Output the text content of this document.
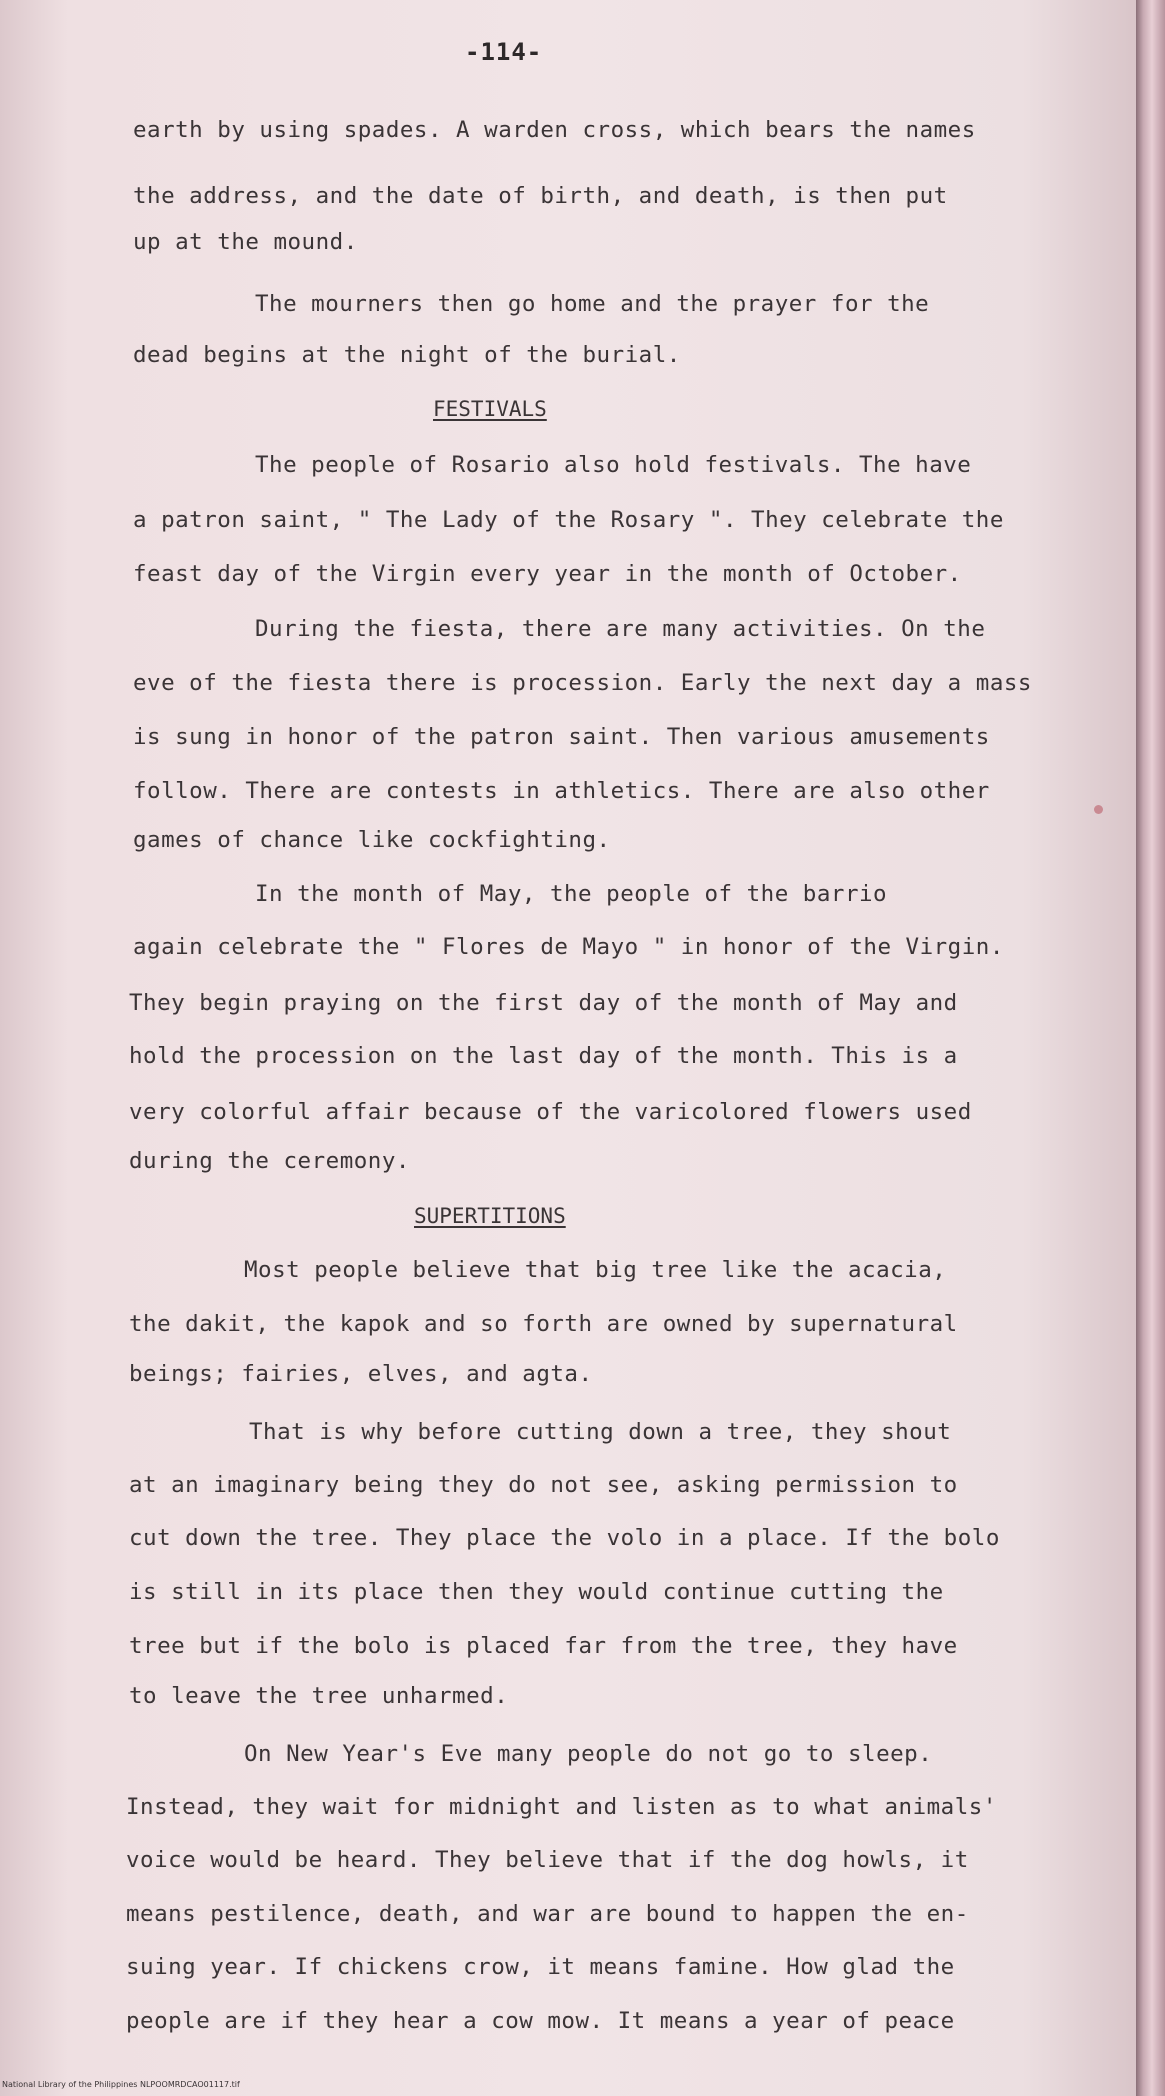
-114-
earth by using spades. A warden cross, which bears the names
the address, and the date of birth, and death, is then put
up at the mound.
The mourners then go home and the prayer for the
dead begins at the night of the burial.
FESTIVALS
The people of Rosario also hold festivals. The have
a patron saint, " The Lady of the Rosary ". They celebrate the
feast day of the Virgin every year in the month of October.
During the fiesta, there are many activities. On the
eve of the fiesta there is procession. Early the next day a mass
is sung in honor of the patron saint. Then various amusements
follow. There are contests in athletics. There are also other
games of chance like cockfighting.
In the month of May, the people of the barrio
again celebrate the " Flores de Mayo " in honor of the Virgin.
They begin praying on the first day of the month of May and
hold the procession on the last day of the month. This is a
very colorful affair because of the varicolored flowers used
during the ceremony.
SUPERTITIONS
Most people believe that big tree like the acacia,
the dakit, the kapok and so forth are owned by supernatural
beings; fairies, elves, and agta.
That is why before cutting down a tree, they shout
at an imaginary being they do not see, asking permission to
cut down the tree. They place the volo in a place. If the bolo
is still in its place then they would continue cutting the
tree but if the bolo is placed far from the tree, they have
to leave the tree unharmed.
On New Year's Eve many people do not go to sleep.
Instead, they wait for midnight and listen as to what animals'
voice would be heard. They believe that if the dog howls, it
means pestilence, death, and war are bound to happen the en-
suing year. If chickens crow, it means famine. How glad the
people are if they hear a cow mow. It means a year of peace
National Library of the Philippines NLPOOMRDCAO01117.tif
